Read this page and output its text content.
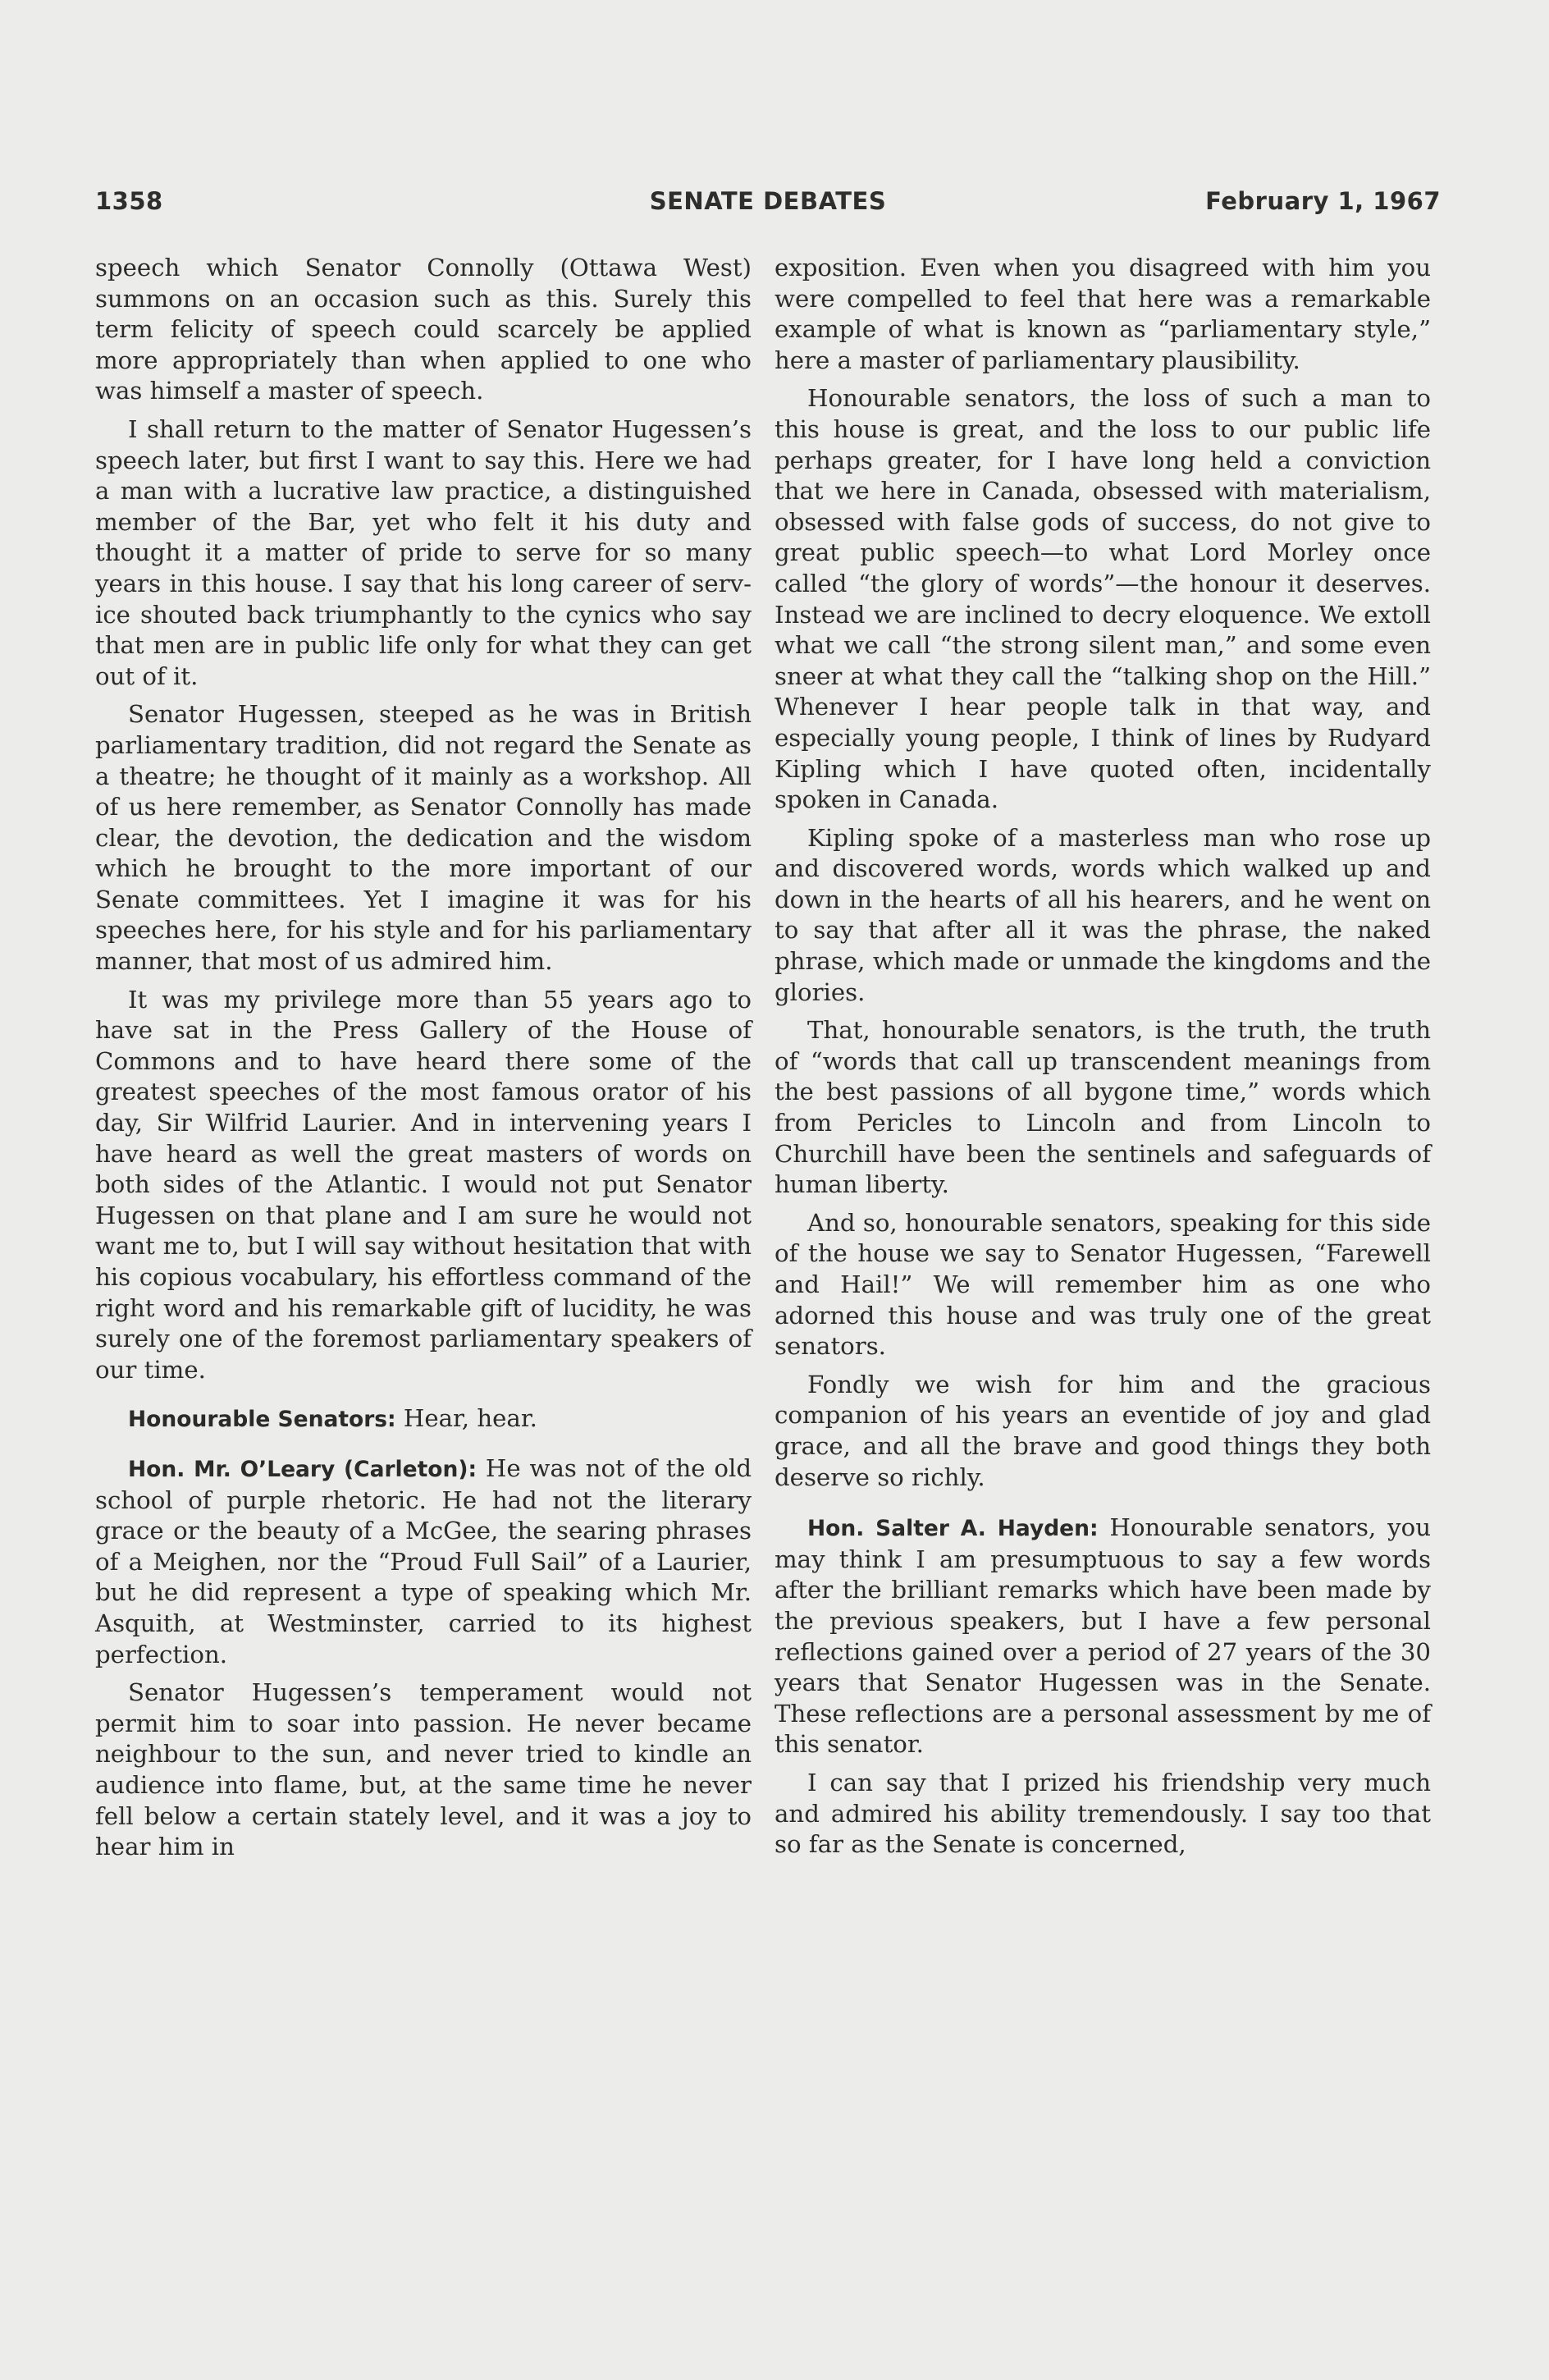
1358	SENATE DEBATES	February 1, 1967

speech which Senator Connolly (Ottawa West) summons on an occasion such as this. Surely this term felicity of speech could scarcely be applied more appropriately than when applied to one who was himself a master of speech.

I shall return to the matter of Senator Hugessen’s speech later, but first I want to say this. Here we had a man with a lucrative law practice, a distinguished member of the Bar, yet who felt it his duty and thought it a matter of pride to serve for so many years in this house. I say that his long career of service shouted back triumphantly to the cynics who say that men are in public life only for what they can get out of it.

Senator Hugessen, steeped as he was in British parliamentary tradition, did not regard the Senate as a theatre; he thought of it mainly as a workshop. All of us here remember, as Senator Connolly has made clear, the devotion, the dedication and the wisdom which he brought to the more important of our Senate committees. Yet I imagine it was for his speeches here, for his style and for his parliamentary manner, that most of us admired him.

It was my privilege more than 55 years ago to have sat in the Press Gallery of the House of Commons and to have heard there some of the greatest speeches of the most famous orator of his day, Sir Wilfrid Laurier. And in intervening years I have heard as well the great masters of words on both sides of the Atlantic. I would not put Senator Hugessen on that plane and I am sure he would not want me to, but I will say without hesitation that with his copious vocabulary, his effortless command of the right word and his remarkable gift of lucidity, he was surely one of the foremost parliamentary speakers of our time.

Honourable Senators: Hear, hear.

Hon. Mr. O’Leary (Carleton): He was not of the old school of purple rhetoric. He had not the literary grace or the beauty of a McGee, the searing phrases of a Meighen, nor the “Proud Full Sail” of a Laurier, but he did represent a type of speaking which Mr. Asquith, at Westminster, carried to its highest perfection.

Senator Hugessen’s temperament would not permit him to soar into passion. He never became neighbour to the sun, and never tried to kindle an audience into flame, but, at the same time he never fell below a certain stately level, and it was a joy to hear him in

exposition. Even when you disagreed with him you were compelled to feel that here was a remarkable example of what is known as “parliamentary style,” here a master of parliamentary plausibility.

Honourable senators, the loss of such a man to this house is great, and the loss to our public life perhaps greater, for I have long held a conviction that we here in Canada, obsessed with materialism, obsessed with false gods of success, do not give to great public speech—to what Lord Morley once called “the glory of words”—the honour it deserves. Instead we are inclined to decry eloquence. We extoll what we call “the strong silent man,” and some even sneer at what they call the “talking shop on the Hill.” Whenever I hear people talk in that way, and especially young people, I think of lines by Rudyard Kipling which I have quoted often, incidentally spoken in Canada.

Kipling spoke of a masterless man who rose up and discovered words, words which walked up and down in the hearts of all his hearers, and he went on to say that after all it was the phrase, the naked phrase, which made or unmade the kingdoms and the glories.

That, honourable senators, is the truth, the truth of “words that call up transcendent meanings from the best passions of all bygone time,” words which from Pericles to Lincoln and from Lincoln to Churchill have been the sentinels and safeguards of human liberty.

And so, honourable senators, speaking for this side of the house we say to Senator Hugessen, “Farewell and Hail!” We will remember him as one who adorned this house and was truly one of the great senators.

Fondly we wish for him and the gracious companion of his years an eventide of joy and glad grace, and all the brave and good things they both deserve so richly.

Hon. Salter A. Hayden: Honourable senators, you may think I am presumptuous to say a few words after the brilliant remarks which have been made by the previous speakers, but I have a few personal reflections gained over a period of 27 years of the 30 years that Senator Hugessen was in the Senate. These reflections are a personal assessment by me of this senator.

I can say that I prized his friendship very much and admired his ability tremendously. I say too that so far as the Senate is concerned,
